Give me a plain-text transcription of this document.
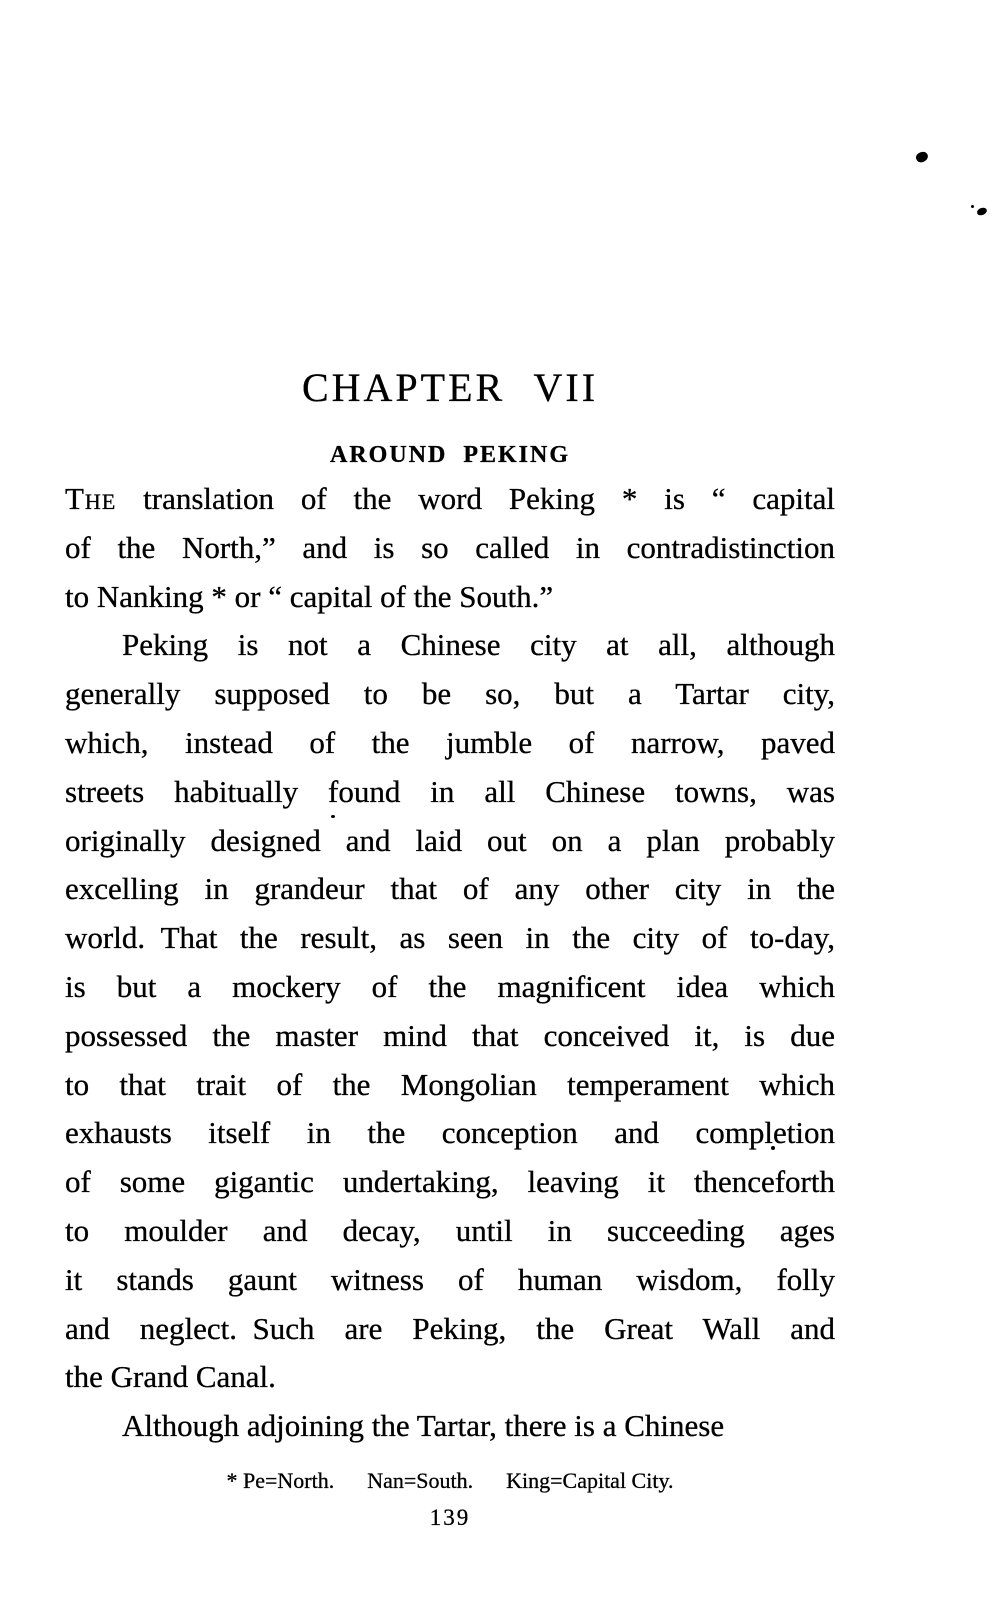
CHAPTER VII
AROUND PEKING
The translation of the word Peking * is “ capital
of the North,” and is so called in contradistinction
to Nanking * or “ capital of the South.”
Peking is not a Chinese city at all, although
generally supposed to be so, but a Tartar city,
which, instead of the jumble of narrow, paved
streets habitually found in all Chinese towns, was
originally designed and laid out on a plan probably
excelling in grandeur that of any other city in the
world. That the result, as seen in the city of to-day,
is but a mockery of the magnificent idea which
possessed the master mind that conceived it, is due
to that trait of the Mongolian temperament which
exhausts itself in the conception and completion
of some gigantic undertaking, leaving it thenceforth
to moulder and decay, until in succeeding ages
it stands gaunt witness of human wisdom, folly
and neglect. Such are Peking, the Great Wall and
the Grand Canal.
Although adjoining the Tartar, there is a Chinese
* Pe=North.  Nan=South.  King=Capital City.
139
